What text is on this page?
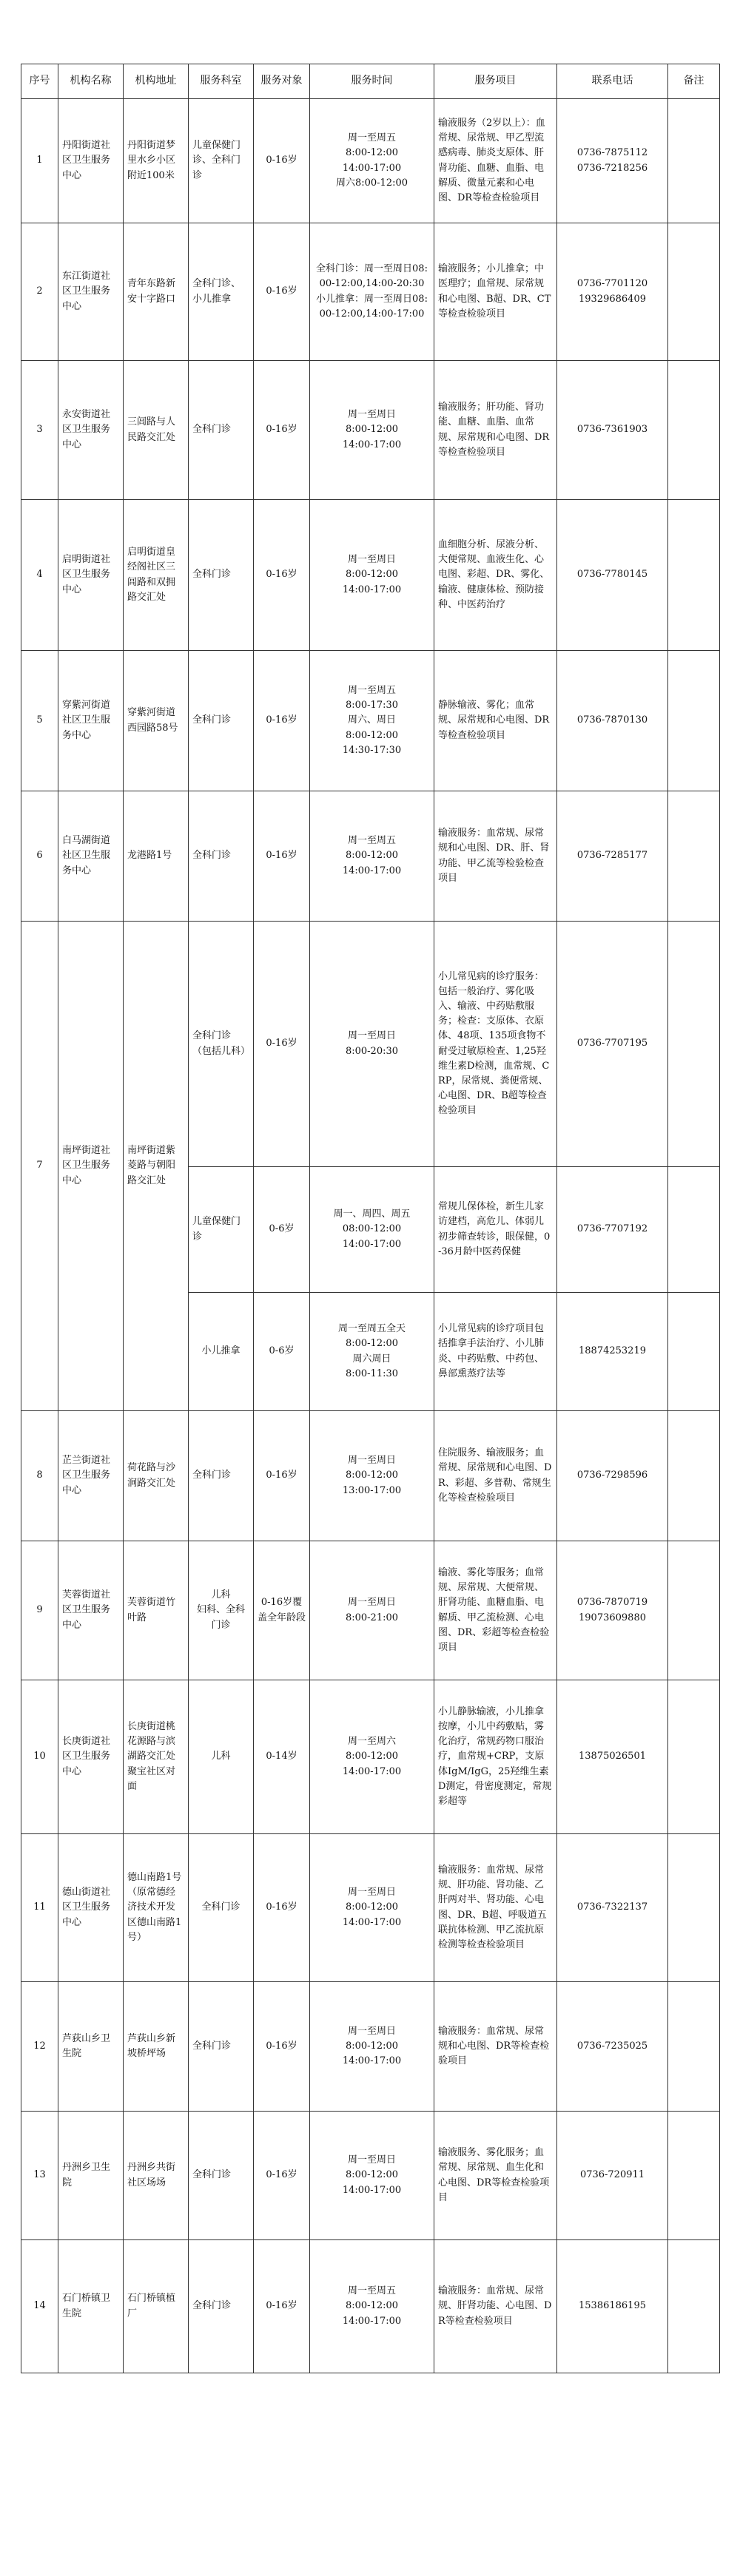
序号	机构名称	机构地址	服务科室	服务对象	服务时间	服务项目	联系电话	备注
1	丹阳街道社区卫生服务中心	丹阳街道梦里水乡小区附近100米	儿童保健门诊、全科门诊	0-16岁	周一至周五
8:00-12:00
14:00-17:00
周六8:00-12:00	输液服务（2岁以上）：血常规、尿常规、甲乙型流感病毒、肺炎支原体、肝肾功能、血糖、血脂、电解质、微量元素和心电图、DR等检查检验项目	0736-7875112
0736-7218256	
2	东江街道社区卫生服务中心	青年东路新安十字路口	全科门诊、小儿推拿	0-16岁	全科门诊：周一至周日08:00-12:00,14:00-20:30
小儿推拿：周一至周日08:00-12:00,14:00-17:00	输液服务；小儿推拿；中医理疗；血常规、尿常规和心电图、B超、DR、CT等检查检验项目	0736-7701120
19329686409	
3	永安街道社区卫生服务中心	三闾路与人民路交汇处	全科门诊	0-16岁	周一至周日
8:00-12:00
14:00-17:00	输液服务；肝功能、肾功能、血糖、血脂、血常规、尿常规和心电图、DR等检查检验项目	0736-7361903	
4	启明街道社区卫生服务中心	启明街道皇经阁社区三闾路和双拥路交汇处	全科门诊	0-16岁	周一至周日
8:00-12:00
14:00-17:00	血细胞分析、尿液分析、大便常规、血液生化、心电图、彩超、DR、雾化、输液、健康体检、预防接种、中医药治疗	0736-7780145	
5	穿紫河街道社区卫生服务中心	穿紫河街道西园路58号	全科门诊	0-16岁	周一至周五
8:00-17:30
周六、周日
8:00-12:00
14:30-17:30	静脉输液、雾化；血常规、尿常规和心电图、DR等检查检验项目	0736-7870130	
6	白马湖街道社区卫生服务中心	龙港路1号	全科门诊	0-16岁	周一至周五
8:00-12:00
14:00-17:00	输液服务：血常规、尿常规和心电图、DR、肝、肾功能、甲乙流等检验检查项目	0736-7285177	
7	南坪街道社区卫生服务中心	南坪街道紫菱路与朝阳路交汇处	全科门诊（包括儿科）	0-16岁	周一至周日
8:00-20:30	小儿常见病的诊疗服务：包括一般治疗、雾化吸入、输液、中药贴敷服务；检查：支原体、衣原体、48项、135项食物不耐受过敏原检查、1,25羟维生素D检测，血常规、CRP，尿常规、粪便常规、心电图、DR、B超等检查检验项目	0736-7707195	
			儿童保健门诊	0-6岁	周一、周四、周五
08:00-12:00
14:00-17:00	常规儿保体检，新生儿家访建档，高危儿、体弱儿初步筛查转诊，眼保健，0-36月龄中医药保健	0736-7707192	
			小儿推拿	0-6岁	周一至周五全天
8:00-12:00
周六周日
8:00-11:30	小儿常见病的诊疗项目包括推拿手法治疗、小儿肺炎、中药贴敷、中药包、鼻部熏蒸疗法等	18874253219	
8	芷兰街道社区卫生服务中心	荷花路与沙涧路交汇处	全科门诊	0-16岁	周一至周日
8:00-12:00
13:00-17:00	住院服务、输液服务；血常规、尿常规和心电图、DR、彩超、多普勒、常规生化等检查检验项目	0736-7298596	
9	芙蓉街道社区卫生服务中心	芙蓉街道竹叶路	儿科
妇科、全科门诊	0-16岁覆盖全年龄段	周一至周日
8:00-21:00	输液、雾化等服务；血常规、尿常规、大便常规、肝肾功能、血糖血脂、电解质、甲乙流检测、心电图、DR、彩超等检查检验项目	0736-7870719
19073609880	
10	长庚街道社区卫生服务中心	长庚街道桃花源路与滨湖路交汇处聚宝社区对面	儿科	0-14岁	周一至周六
8:00-12:00
14:00-17:00	小儿静脉输液，小儿推拿按摩，小儿中药敷贴，雾化治疗，常规药物口服治疗，血常规+CRP，支原体IgM/IgG，25羟维生素D测定，骨密度测定，常规彩超等	13875026501	
11	德山街道社区卫生服务中心	德山南路1号（原常德经济技术开发区德山南路1号）	全科门诊	0-16岁	周一至周日
8:00-12:00
14:00-17:00	输液服务：血常规、尿常规、肝功能、肾功能、乙肝两对半、肾功能、心电图、DR、B超、呼吸道五联抗体检测、甲乙流抗原检测等检查检验项目	0736-7322137	
12	芦荻山乡卫生院	芦荻山乡新坡桥坪场	全科门诊	0-16岁	周一至周日
8:00-12:00
14:00-17:00	输液服务：血常规、尿常规和心电图、DR等检查检验项目	0736-7235025	
13	丹洲乡卫生院	丹洲乡共街社区场场	全科门诊	0-16岁	周一至周日
8:00-12:00
14:00-17:00	输液服务、雾化服务；血常规、尿常规、血生化和心电图、DR等检查检验项目	0736-720911	
14	石门桥镇卫生院	石门桥镇植厂	全科门诊	0-16岁	周一至周五
8:00-12:00
14:00-17:00	输液服务：血常规、尿常规、肝肾功能、心电图、DR等检查检验项目	15386186195	
